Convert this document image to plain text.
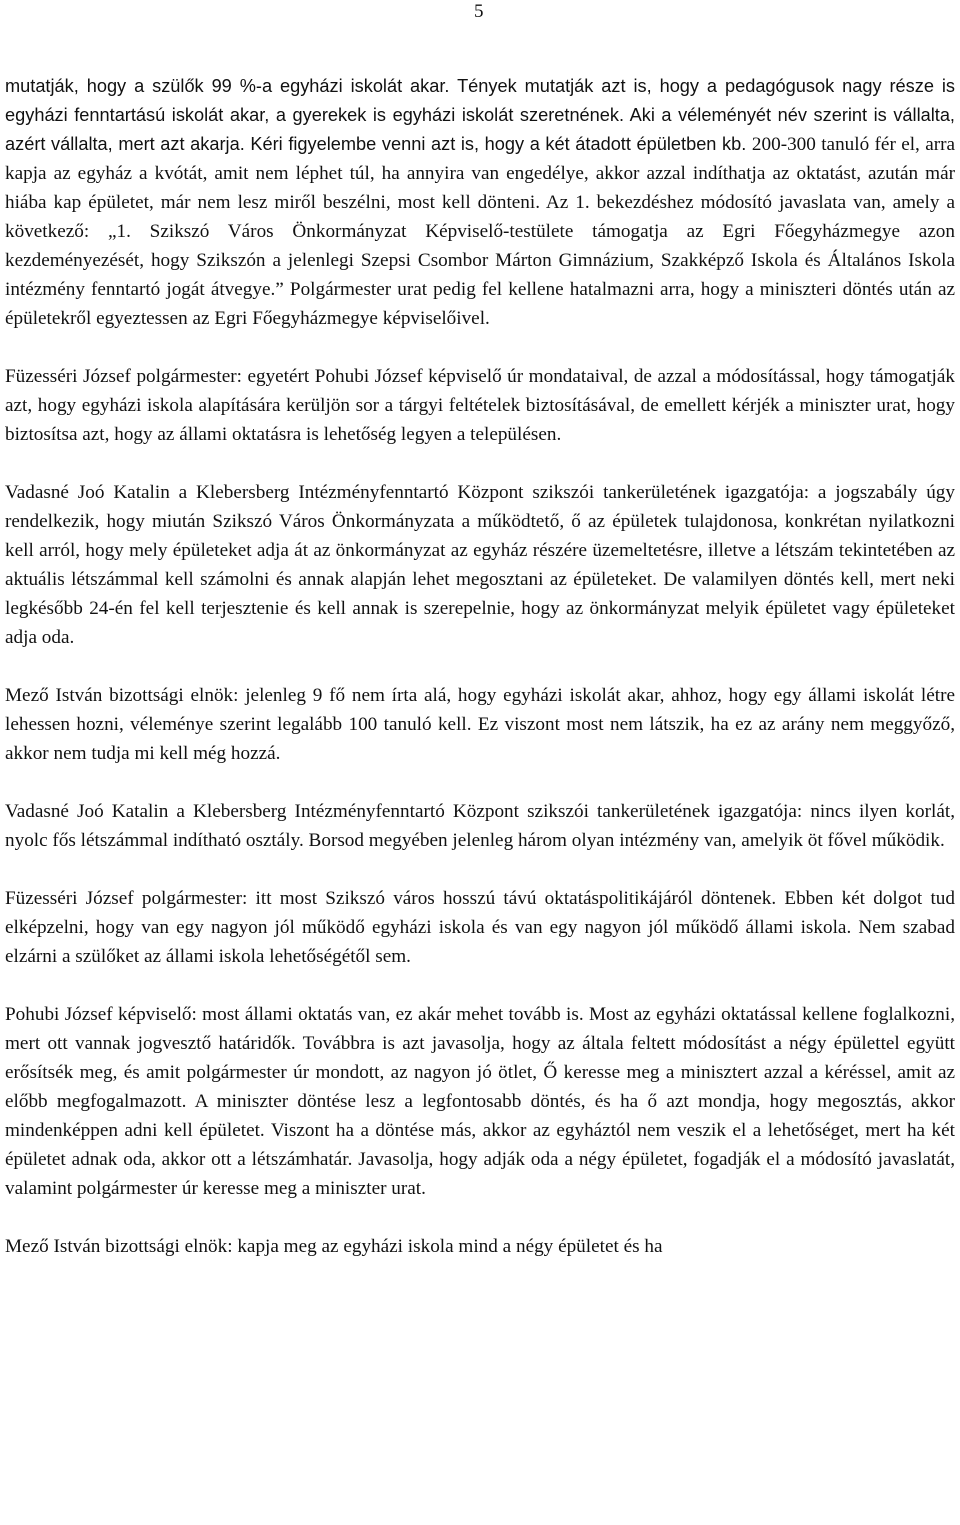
5

mutatják, hogy a szülők 99 %-a egyházi iskolát akar. Tények mutatják azt is, hogy a pedagógusok nagy része is egyházi fenntartású iskolát akar, a gyerekek is egyházi iskolát szeretnének. Aki a véleményét név szerint is vállalta, azért vállalta, mert azt akarja. Kéri figyelembe venni azt is, hogy a két átadott épületben kb. 200-300 tanuló fér el, arra kapja az egyház a kvótát, amit nem léphet túl, ha annyira van engedélye, akkor azzal indíthatja az oktatást, azután már hiába kap épületet, már nem lesz miről beszélni, most kell dönteni. Az 1. bekezdéshez módosító javaslata van, amely a következő: „1. Szikszó Város Önkormányzat Képviselő-testülete támogatja az Egri Főegyházmegye azon kezdeményezését, hogy Szikszón a jelenlegi Szepsi Csombor Márton Gimnázium, Szakképző Iskola és Általános Iskola intézmény fenntartó jogát átvegye.” Polgármester urat pedig fel kellene hatalmazni arra, hogy a miniszteri döntés után az épületekről egyeztessen az Egri Főegyházmegye képviselőivel.

Füzesséri József polgármester: egyetért Pohubi József képviselő úr mondataival, de azzal a módosítással, hogy támogatják azt, hogy egyházi iskola alapítására kerüljön sor a tárgyi feltételek biztosításával, de emellett kérjék a miniszter urat, hogy biztosítsa azt, hogy az állami oktatásra is lehetőség legyen a településen.

Vadasné Joó Katalin a Klebersberg Intézményfenntartó Központ szikszói tankerületének igazgatója: a jogszabály úgy rendelkezik, hogy miután Szikszó Város Önkormányzata a működtető, ő az épületek tulajdonosa, konkrétan nyilatkozni kell arról, hogy mely épületeket adja át az önkormányzat az egyház részére üzemeltetésre, illetve a létszám tekintetében az aktuális létszámmal kell számolni és annak alapján lehet megosztani az épületeket. De valamilyen döntés kell, mert neki legkésőbb 24-én fel kell terjesztenie és kell annak is szerepelnie, hogy az önkormányzat melyik épületet vagy épületeket adja oda.

Mező István bizottsági elnök: jelenleg 9 fő nem írta alá, hogy egyházi iskolát akar, ahhoz, hogy egy állami iskolát létre lehessen hozni, véleménye szerint legalább 100 tanuló kell. Ez viszont most nem látszik, ha ez az arány nem meggyőző, akkor nem tudja mi kell még hozzá.

Vadasné Joó Katalin a Klebersberg Intézményfenntartó Központ szikszói tankerületének igazgatója: nincs ilyen korlát, nyolc fős létszámmal indítható osztály. Borsod megyében jelenleg három olyan intézmény van, amelyik öt fővel működik.

Füzesséri József polgármester: itt most Szikszó város hosszú távú oktatáspolitikájáról döntenek. Ebben két dolgot tud elképzelni, hogy van egy nagyon jól működő egyházi iskola és van egy nagyon jól működő állami iskola. Nem szabad elzárni a szülőket az állami iskola lehetőségétől sem.

Pohubi József képviselő: most állami oktatás van, ez akár mehet tovább is. Most az egyházi oktatással kellene foglalkozni, mert ott vannak jogvesztő határidők. Továbbra is azt javasolja, hogy az általa feltett módosítást a négy épülettel együtt erősítsék meg, és amit polgármester úr mondott, az nagyon jó ötlet, Ő keresse meg a minisztert azzal a kéréssel, amit az előbb megfogalmazott. A miniszter döntése lesz a legfontosabb döntés, és ha ő azt mondja, hogy megosztás, akkor mindenképpen adni kell épületet. Viszont ha a döntése más, akkor az egyháztól nem veszik el a lehetőséget, mert ha két épületet adnak oda, akkor ott a létszámhatár. Javasolja, hogy adják oda a négy épületet, fogadják el a módosító javaslatát, valamint polgármester úr keresse meg a miniszter urat.

Mező István bizottsági elnök: kapja meg az egyházi iskola mind a négy épületet és ha
